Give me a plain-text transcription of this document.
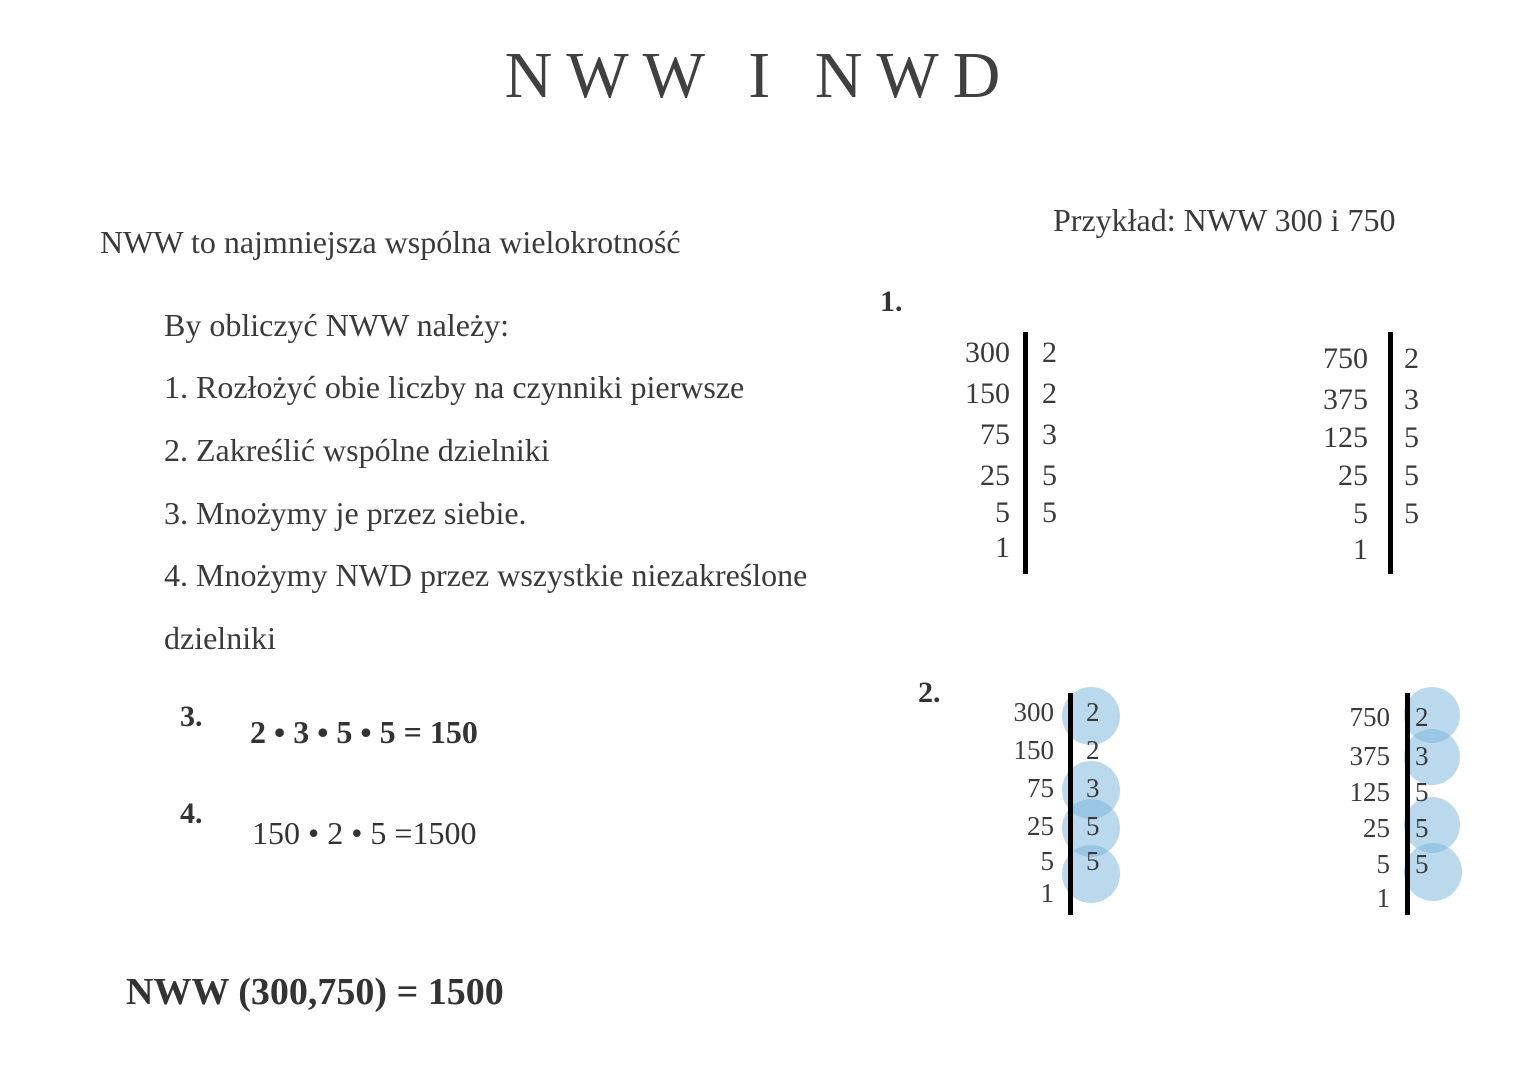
NWW I NWD
NWW to najmniejsza wspólna wielokrotność
By obliczyć NWW należy:
1. Rozłożyć obie liczby na czynniki pierwsze
2. Zakreślić wspólne dzielniki
3. Mnożymy je przez siebie.
4. Mnożymy NWD przez wszystkie niezakreślone
dzielniki
3. 2 • 3 • 5 • 5 = 150
4.
150 • 2 • 5 =1500
NWW (300,750) = 1500
Przykład: NWW 300 i 750
1.
2.
300
150
75
25
5
1
2
2
3
5
5
750
375
125
25
5
1
2
3
5
5
5
300
150
75
25
5
1
2
2
3
5
5
750
375
125
25
5
1
2
3
5
5
5
